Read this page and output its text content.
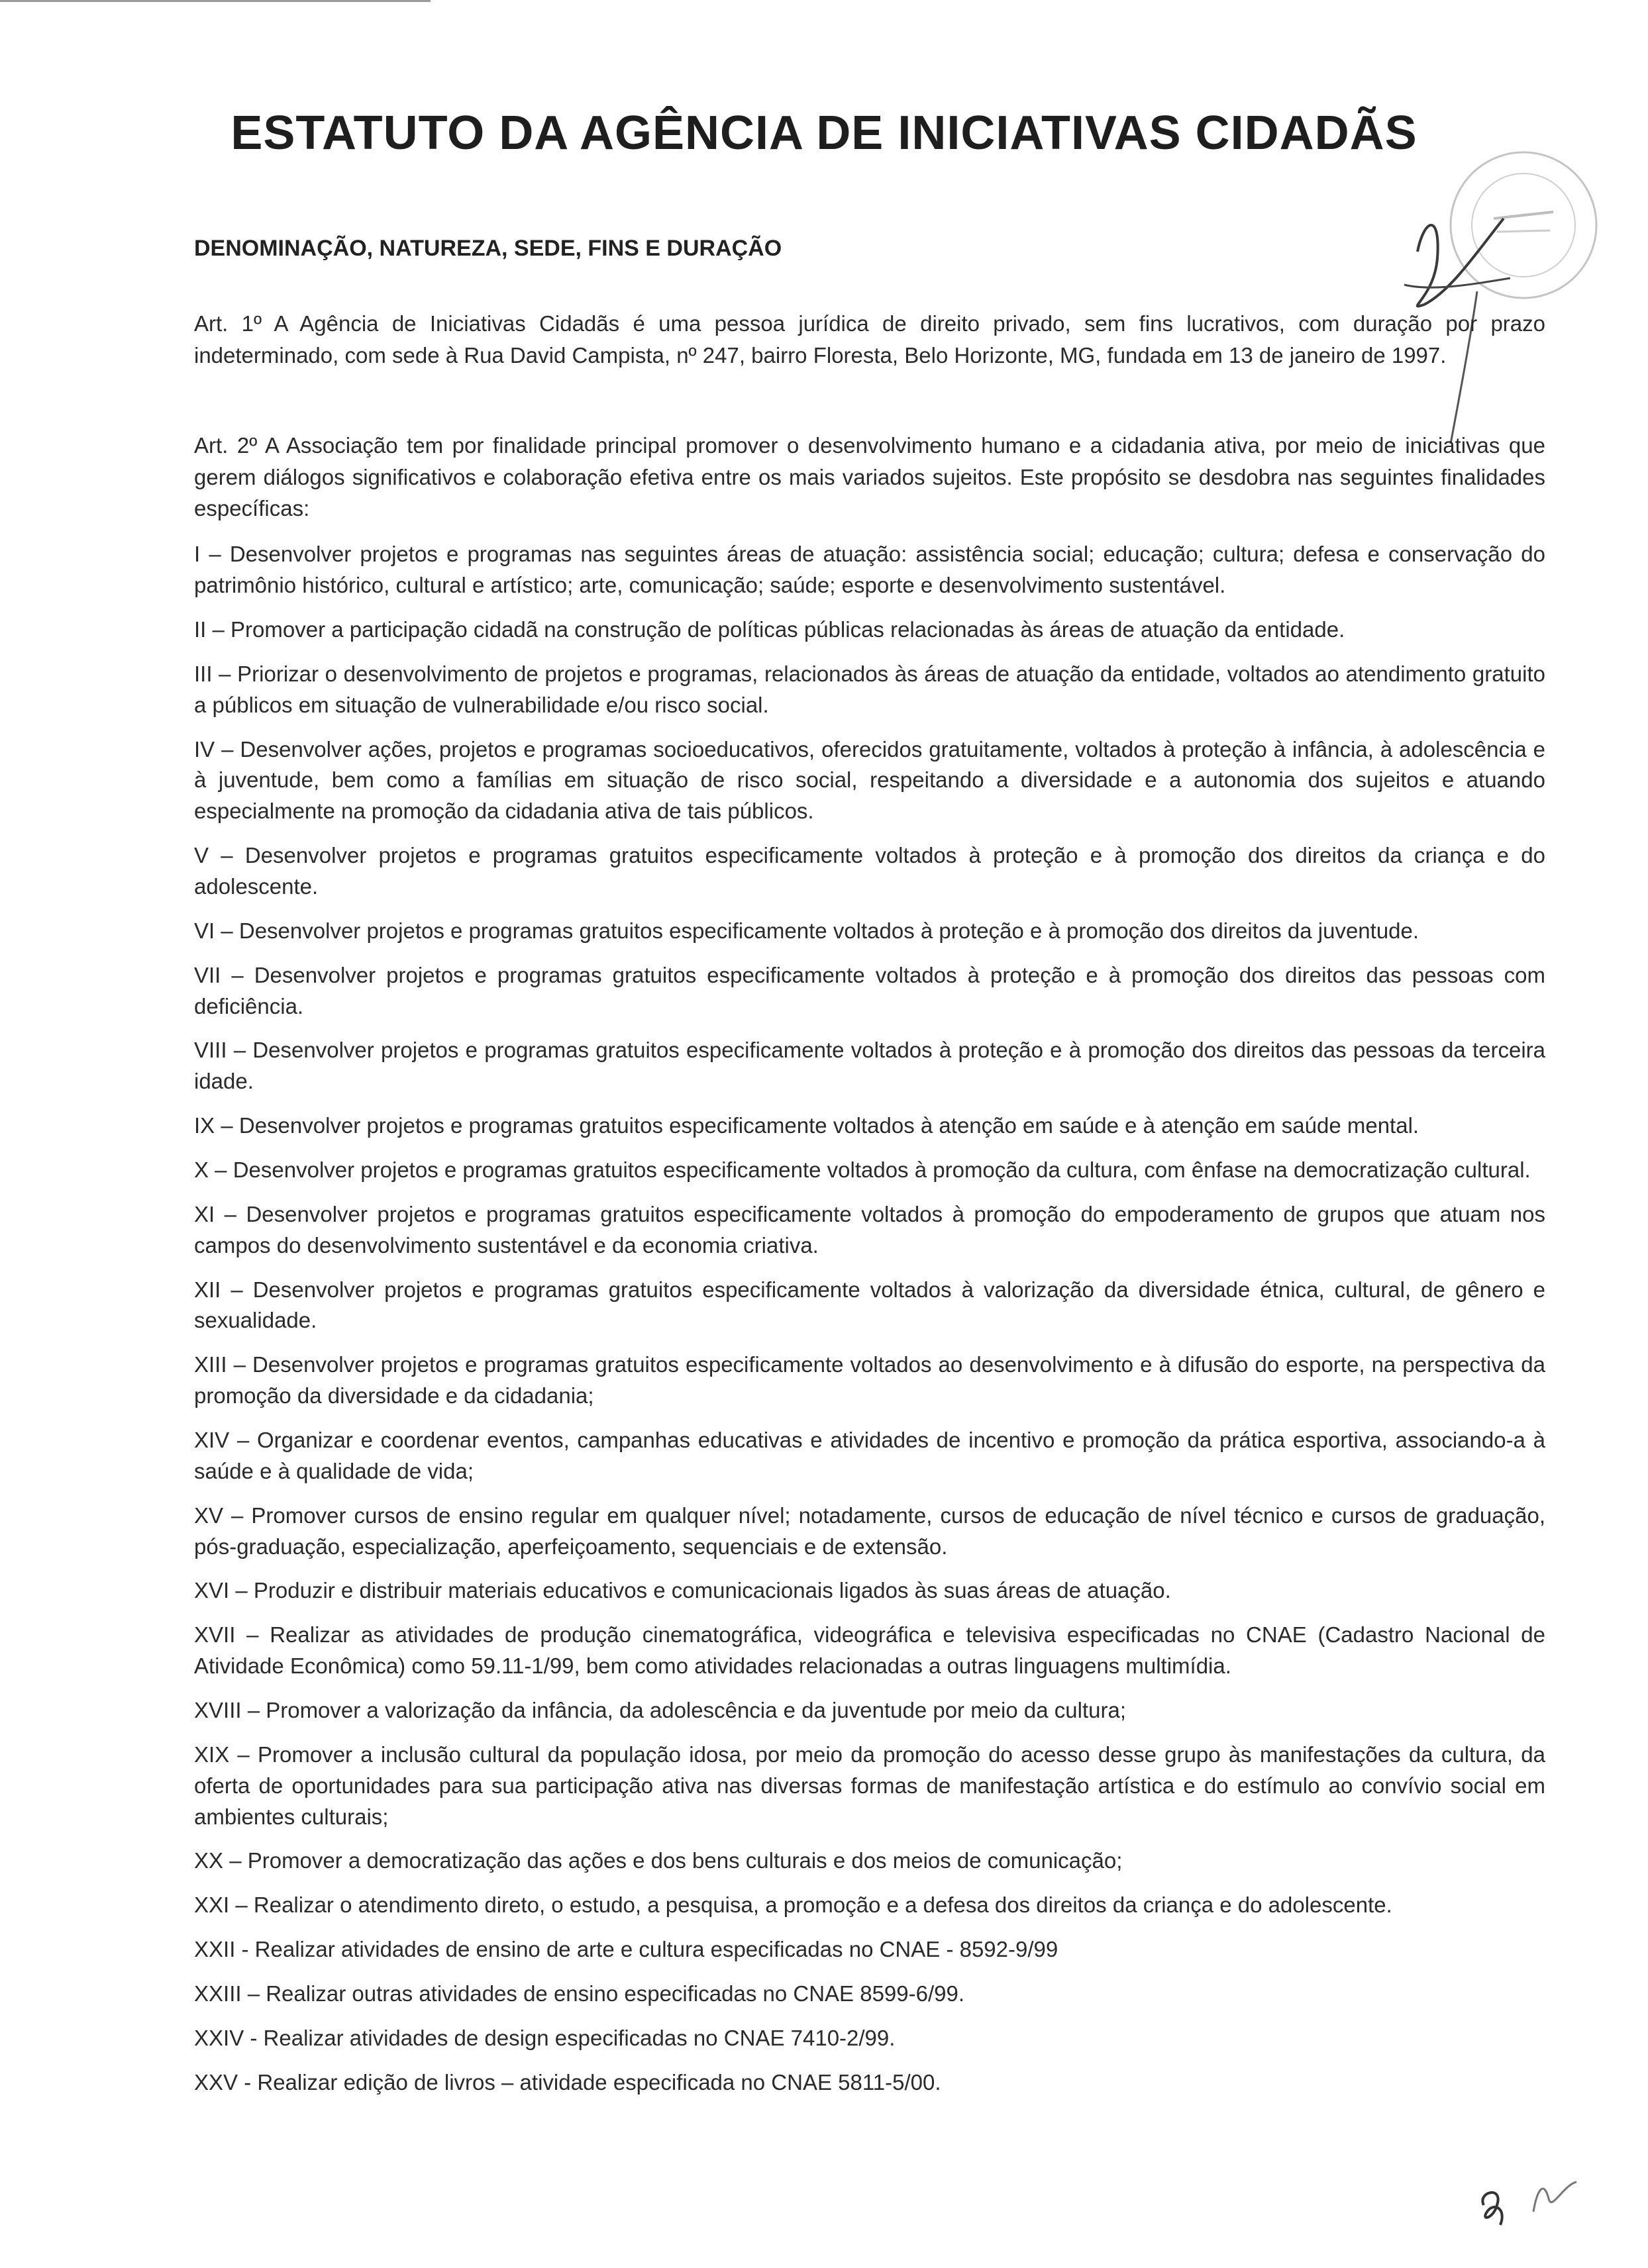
ESTATUTO DA AGÊNCIA DE INICIATIVAS CIDADÃS
DENOMINAÇÃO, NATUREZA, SEDE, FINS E DURAÇÃO

Art. 1º A Agência de Iniciativas Cidadãs é uma pessoa jurídica de direito privado, sem fins lucrativos, com duração por prazo indeterminado, com sede à Rua David Campista, nº 247, bairro Floresta, Belo Horizonte, MG, fundada em 13 de janeiro de 1997.

Art. 2º A Associação tem por finalidade principal promover o desenvolvimento humano e a cidadania ativa, por meio de iniciativas que gerem diálogos significativos e colaboração efetiva entre os mais variados sujeitos. Este propósito se desdobra nas seguintes finalidades específicas:

I – Desenvolver projetos e programas nas seguintes áreas de atuação: assistência social; educação; cultura; defesa e conservação do patrimônio histórico, cultural e artístico; arte, comunicação; saúde; esporte e desenvolvimento sustentável.

II – Promover a participação cidadã na construção de políticas públicas relacionadas às áreas de atuação da entidade.

III – Priorizar o desenvolvimento de projetos e programas, relacionados às áreas de atuação da entidade, voltados ao atendimento gratuito a públicos em situação de vulnerabilidade e/ou risco social.

IV – Desenvolver ações, projetos e programas socioeducativos, oferecidos gratuitamente, voltados à proteção à infância, à adolescência e à juventude, bem como a famílias em situação de risco social, respeitando a diversidade e a autonomia dos sujeitos e atuando especialmente na promoção da cidadania ativa de tais públicos.

V – Desenvolver projetos e programas gratuitos especificamente voltados à proteção e à promoção dos direitos da criança e do adolescente.

VI – Desenvolver projetos e programas gratuitos especificamente voltados à proteção e à promoção dos direitos da juventude.

VII – Desenvolver projetos e programas gratuitos especificamente voltados à proteção e à promoção dos direitos das pessoas com deficiência.

VIII – Desenvolver projetos e programas gratuitos especificamente voltados à proteção e à promoção dos direitos das pessoas da terceira idade.

IX – Desenvolver projetos e programas gratuitos especificamente voltados à atenção em saúde e à atenção em saúde mental.

X – Desenvolver projetos e programas gratuitos especificamente voltados à promoção da cultura, com ênfase na democratização cultural.

XI – Desenvolver projetos e programas gratuitos especificamente voltados à promoção do empoderamento de grupos que atuam nos campos do desenvolvimento sustentável e da economia criativa.

XII – Desenvolver projetos e programas gratuitos especificamente voltados à valorização da diversidade étnica, cultural, de gênero e sexualidade.

XIII – Desenvolver projetos e programas gratuitos especificamente voltados ao desenvolvimento e à difusão do esporte, na perspectiva da promoção da diversidade e da cidadania;

XIV – Organizar e coordenar eventos, campanhas educativas e atividades de incentivo e promoção da prática esportiva, associando-a à saúde e à qualidade de vida;

XV – Promover cursos de ensino regular em qualquer nível; notadamente, cursos de educação de nível técnico e cursos de graduação, pós-graduação, especialização, aperfeiçoamento, sequenciais e de extensão.

XVI – Produzir e distribuir materiais educativos e comunicacionais ligados às suas áreas de atuação.

XVII – Realizar as atividades de produção cinematográfica, videográfica e televisiva especificadas no CNAE (Cadastro Nacional de Atividade Econômica) como 59.11-1/99, bem como atividades relacionadas a outras linguagens multimídia.

XVIII – Promover a valorização da infância, da adolescência e da juventude por meio da cultura;

XIX – Promover a inclusão cultural da população idosa, por meio da promoção do acesso desse grupo às manifestações da cultura, da oferta de oportunidades para sua participação ativa nas diversas formas de manifestação artística e do estímulo ao convívio social em ambientes culturais;

XX – Promover a democratização das ações e dos bens culturais e dos meios de comunicação;

XXI – Realizar o atendimento direto, o estudo, a pesquisa, a promoção e a defesa dos direitos da criança e do adolescente.

XXII - Realizar atividades de ensino de arte e cultura especificadas no CNAE - 8592-9/99

XXIII – Realizar outras atividades de ensino especificadas no CNAE 8599-6/99.

XXIV - Realizar atividades de design especificadas no CNAE 7410-2/99.

XXV - Realizar edição de livros – atividade especificada no CNAE 5811-5/00.
